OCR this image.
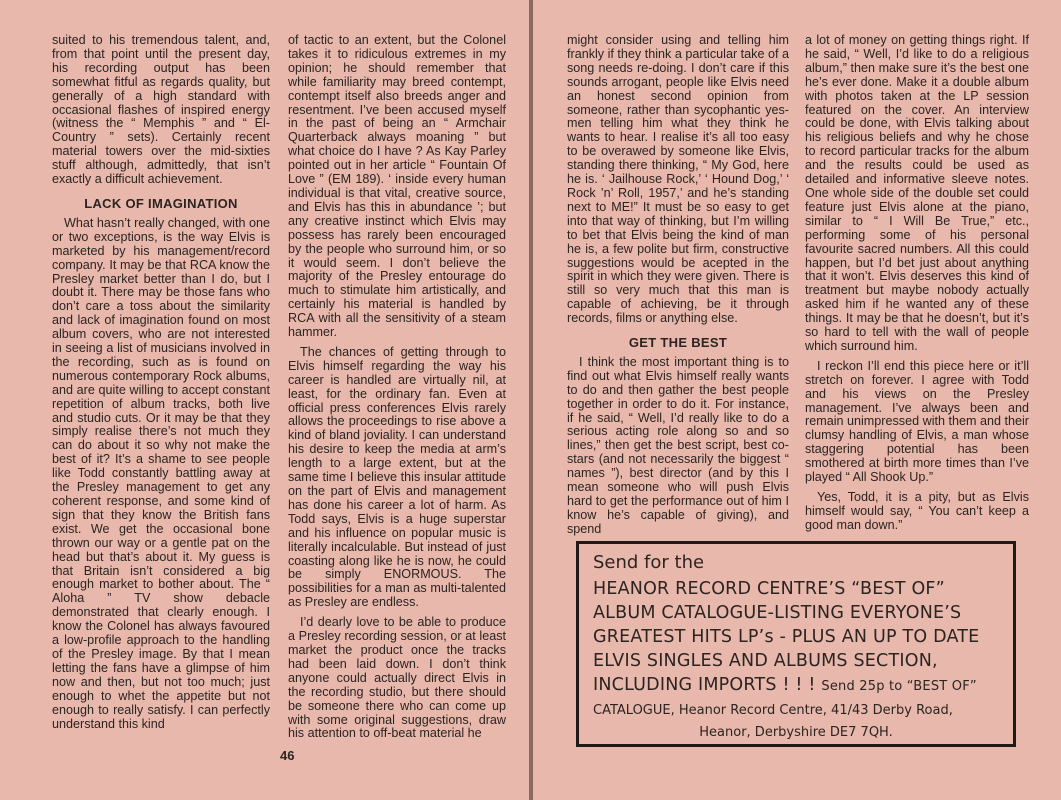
suited to his tremendous talent, and, from that point until the present day, his recording output has been somewhat fitful as regards quality, but generally of a high standard with occasional flashes of inspired energy (witness the “ Memphis ” and “ El-Country ” sets). Certainly recent material towers over the mid-sixties stuff although, admittedly, that isn’t exactly a difficult achievement.

LACK OF IMAGINATION

What hasn’t really changed, with one or two exceptions, is the way Elvis is marketed by his management/record company. It may be that RCA know the Presley market better than I do, but I doubt it. There may be those fans who don’t care a toss about the similarity and lack of imagination found on most album covers, who are not interested in seeing a list of musicians involved in the recording, such as is found on numerous contemporary Rock albums, and are quite willing to accept constant repetition of album tracks, both live and studio cuts. Or it may be that they simply realise there’s not much they can do about it so why not make the best of it? It’s a shame to see people like Todd constantly battling away at the Presley management to get any coherent response, and some kind of sign that they know the British fans exist. We get the occasional bone thrown our way or a gentle pat on the head but that’s about it. My guess is that Britain isn’t considered a big enough market to bother about. The “ Aloha ” TV show debacle demonstrated that clearly enough. I know the Colonel has always favoured a low-profile approach to the handling of the Presley image. By that I mean letting the fans have a glimpse of him now and then, but not too much; just enough to whet the appetite but not enough to really satisfy. I can perfectly understand this kind

of tactic to an extent, but the Colonel takes it to ridiculous extremes in my opinion; he should remember that while familiarity may breed contempt, contempt itself also breeds anger and resentment. I’ve been accused myself in the past of being an “ Armchair Quarterback always moaning ” but what choice do I have ? As Kay Parley pointed out in her article “ Fountain Of Love ” (EM 189). ‘ inside every human individual is that vital, creative source, and Elvis has this in abundance ’; but any creative instinct which Elvis may possess has rarely been encouraged by the people who surround him, or so it would seem. I don’t believe the majority of the Presley entourage do much to stimulate him artistically, and certainly his material is handled by RCA with all the sensitivity of a steam hammer.

The chances of getting through to Elvis himself regarding the way his career is handled are virtually nil, at least, for the ordinary fan. Even at official press conferences Elvis rarely allows the proceedings to rise above a kind of bland joviality. I can understand his desire to keep the media at arm’s length to a large extent, but at the same time I believe this insular attitude on the part of Elvis and management has done his career a lot of harm. As Todd says, Elvis is a huge superstar and his influence on popular music is literally incalculable. But instead of just coasting along like he is now, he could be simply ENORMOUS. The possibilities for a man as multi-talented as Presley are endless.

I’d dearly love to be able to produce a Presley recording session, or at least market the product once the tracks had been laid down. I don’t think anyone could actually direct Elvis in the recording studio, but there should be someone there who can come up with some original suggestions, draw his attention to off-beat material he

46

might consider using and telling him frankly if they think a particular take of a song needs re-doing. I don’t care if this sounds arrogant, people like Elvis need an honest second opinion from someone, rather than sycophantic yes-men telling him what they think he wants to hear. I realise it’s all too easy to be overawed by someone like Elvis, standing there thinking, “ My God, here he is. ‘ Jailhouse Rock,’ ‘ Hound Dog,’ ‘ Rock ’n’ Roll, 1957,’ and he’s standing next to ME!” It must be so easy to get into that way of thinking, but I’m willing to bet that Elvis being the kind of man he is, a few polite but firm, constructive suggestions would be acepted in the spirit in which they were given. There is still so very much that this man is capable of achieving, be it through records, films or anything else.

GET THE BEST

I think the most important thing is to find out what Elvis himself really wants to do and then gather the best people together in order to do it. For instance, if he said, “ Well, I’d really like to do a serious acting role along so and so lines,” then get the best script, best co-stars (and not necessarily the biggest “ names ”), best director (and by this I mean someone who will push Elvis hard to get the performance out of him I know he’s capable of giving), and spend

a lot of money on getting things right. If he said, “ Well, I’d like to do a religious album,” then make sure it’s the best one he’s ever done. Make it a double album with photos taken at the LP session featured on the cover. An interview could be done, with Elvis talking about his religious beliefs and why he chose to record particular tracks for the album and the results could be used as detailed and informative sleeve notes. One whole side of the double set could feature just Elvis alone at the piano, similar to “ I Will Be True,” etc., performing some of his personal favourite sacred numbers. All this could happen, but I’d bet just about anything that it won’t. Elvis deserves this kind of treatment but maybe nobody actually asked him if he wanted any of these things. It may be that he doesn’t, but it’s so hard to tell with the wall of people which surround him.

I reckon I’ll end this piece here or it’ll stretch on forever. I agree with Todd and his views on the Presley management. I’ve always been and remain unimpressed with them and their clumsy handling of Elvis, a man whose staggering potential has been smothered at birth more times than I’ve played “ All Shook Up.”

Yes, Todd, it is a pity, but as Elvis himself would say, “ You can’t keep a good man down.”

Send for the
HEANOR RECORD CENTRE’S “BEST OF”
ALBUM CATALOGUE-LISTING EVERYONE’S
GREATEST HITS LP’s - PLUS AN UP TO DATE
ELVIS SINGLES AND ALBUMS SECTION,
INCLUDING IMPORTS ! ! ! Send 25p to “BEST OF”
CATALOGUE, Heanor Record Centre, 41/43 Derby Road,
Heanor, Derbyshire DE7 7QH.
